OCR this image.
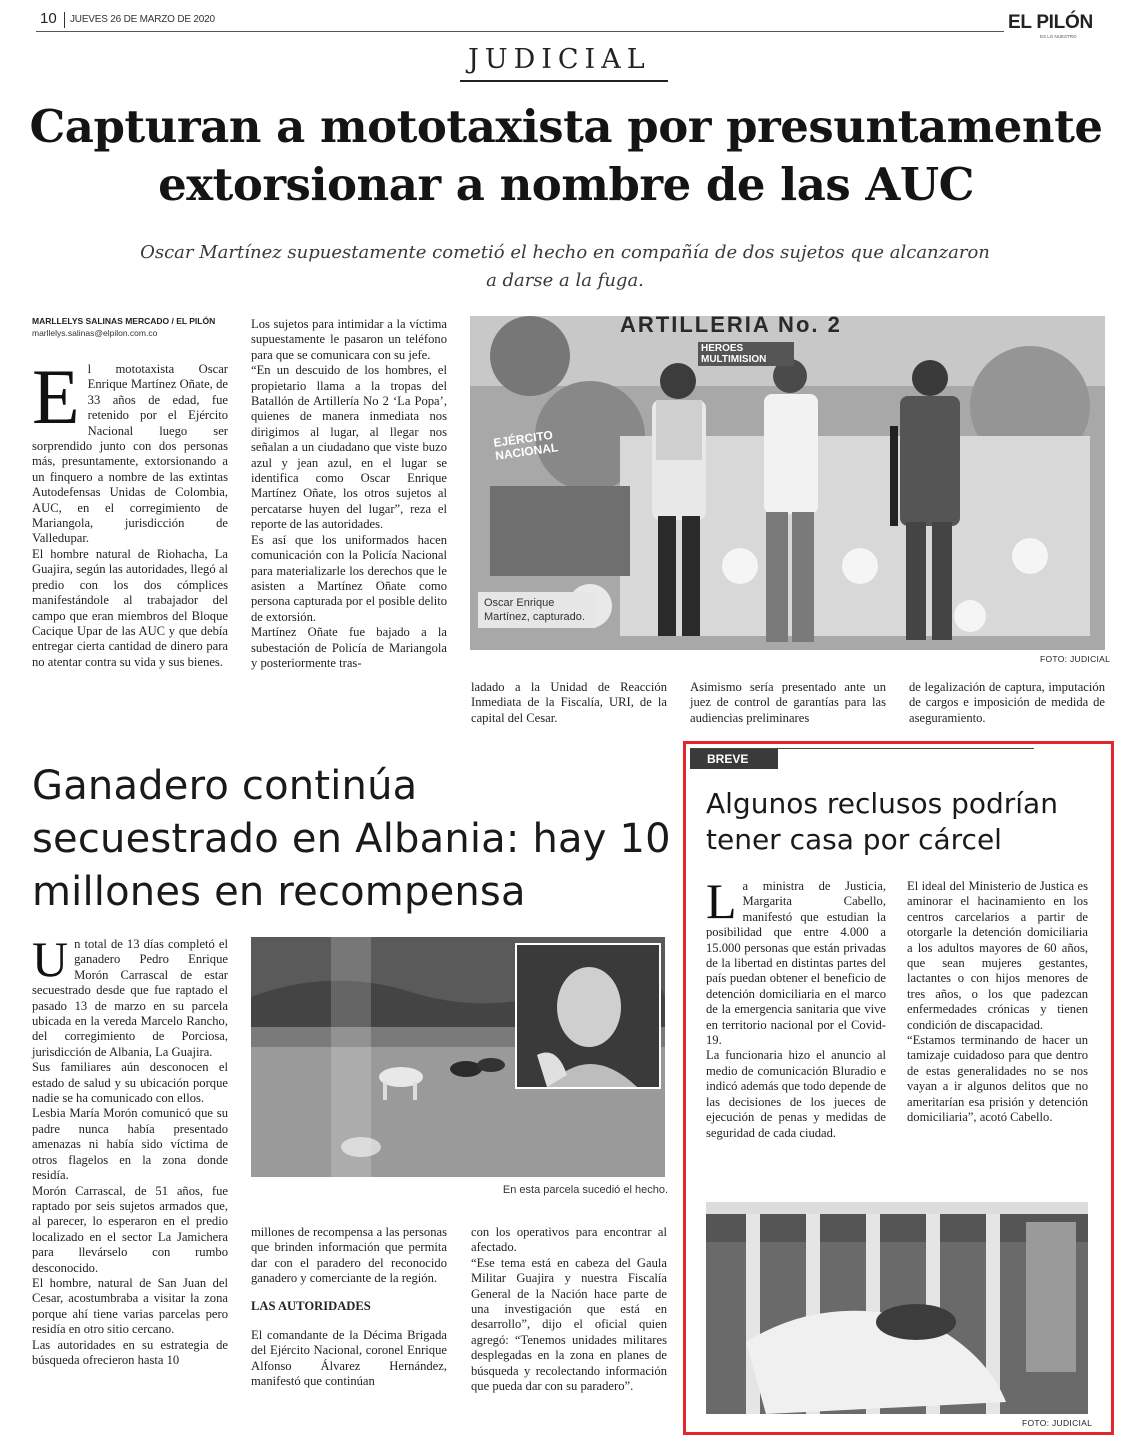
10 JUEVES 26 DE MARZO DE 2020	EL PILÓN
ES LO NUESTRO
JUDICIAL
Capturan a mototaxista por presuntamente extorsionar a nombre de las AUC
Oscar Martínez supuestamente cometió el hecho en compañía de dos sujetos que alcanzaron a darse a la fuga.
MARLLELYS SALINAS MERCADO / EL PILÓN
marllelys.salinas@elpilon.com.co
E l mototaxista Oscar Enrique Martínez Oñate, de 33 años de edad, fue retenido por el Ejército Nacional luego ser sorprendido junto con dos personas más, presuntamente, extorsionando a un finquero a nombre de las extintas Autodefensas Unidas de Colombia, AUC, en el corregimiento de Mariangola, jurisdicción de Valledupar.

El hombre natural de Riohacha, La Guajira, según las autoridades, llegó al predio con los dos cómplices manifestándole al trabajador del campo que eran miembros del Bloque Cacique Upar de las AUC y que debía entregar cierta cantidad de dinero para no atentar contra su vida y sus bienes.

Los sujetos para intimidar a la víctima supuestamente le pasaron un teléfono para que se comunicara con su jefe.

“En un descuido de los hombres, el propietario llama a la tropas del Batallón de Artillería No 2 ‘La Popa’, quienes de manera inmediata nos dirigimos al lugar, al llegar nos señalan a un ciudadano que viste buzo azul y jean azul, en el lugar se identifica como Oscar Enrique Martínez Oñate, los otros sujetos al percatarse huyen del lugar”, reza el reporte de las autoridades.

Es así que los uniformados hacen comunicación con la Policía Nacional para materializarle los derechos que le asisten a Martínez Oñate como persona capturada por el posible delito de extorsión.

Martínez Oñate fue bajado a la subestación de Policía de Mariangola y posteriormente tras-

ARTILLERIA No. 2
HEROES MULTIMISION
EJÉRCITO NACIONAL
Oscar Enrique Martínez, capturado.
FOTO: JUDICIAL
ladado a la Unidad de Reacción Inmediata de la Fiscalía, URI, de la capital del Cesar.
Asimismo sería presentado ante un juez de control de garantías para las audiencias preliminares
de legalización de captura, imputación de cargos e imposición de medida de aseguramiento.
Ganadero continúa secuestrado en Albania: hay 10 millones en recompensa
U n total de 13 días completó el ganadero Pedro Enrique Morón Carrascal de estar secuestrado desde que fue raptado el pasado 13 de marzo en su parcela ubicada en la vereda Marcelo Rancho, del corregimiento de Porciosa, jurisdicción de Albania, La Guajira.

Sus familiares aún desconocen el estado de salud y su ubicación porque nadie se ha comunicado con ellos.

Lesbia María Morón comunicó que su padre nunca había presentado amenazas ni había sido víctima de otros flagelos en la zona donde residía.

Morón Carrascal, de 51 años, fue raptado por seis sujetos armados que, al parecer, lo esperaron en el predio localizado en el sector La Jamichera para llevárselo con rumbo desconocido.

El hombre, natural de San Juan del Cesar, acostumbraba a visitar la zona porque ahí tiene varias parcelas pero residía en otro sitio cercano.

Las autoridades en su estrategia de búsqueda ofrecieron hasta 10

En esta parcela sucedió el hecho.

millones de recompensa a las personas que brinden información que permita dar con el paradero del reconocido ganadero y comerciante de la región.

LAS AUTORIDADES

El comandante de la Décima Brigada del Ejército Nacional, coronel Enrique Alfonso Álvarez Hernández, manifestó que continúan

con los operativos para encontrar al afectado.

“Ese tema está en cabeza del Gaula Militar Guajira y nuestra Fiscalía General de la Nación hace parte de una investigación que está en desarrollo”, dijo el oficial quien agregó: “Tenemos unidades militares desplegadas en la zona en planes de búsqueda y recolectando información que pueda dar con su paradero”.

BREVE
Algunos reclusos podrían tener casa por cárcel
L a ministra de Justicia, Margarita Cabello, manifestó que estudian la posibilidad que entre 4.000 a 15.000 personas que están privadas de la libertad en distintas partes del país puedan obtener el beneficio de detención domiciliaria en el marco de la emergencia sanitaria que vive en territorio nacional por el Covid-19.

La funcionaria hizo el anuncio al medio de comunicación Bluradio e indicó además que todo depende de las decisiones de los jueces de ejecución de penas y medidas de seguridad de cada ciudad.

El ideal del Ministerio de Justica es aminorar el hacinamiento en los centros carcelarios a partir de otorgarle la detención domiciliaria a los adultos mayores de 60 años, que sean mujeres gestantes, lactantes o con hijos menores de tres años, o los que padezcan enfermedades crónicas y tienen condición de discapacidad.

“Estamos terminando de hacer un tamizaje cuidadoso para que dentro de estas generalidades no se nos vayan a ir algunos delitos que no ameritarían esa prisión y detención domiciliaria”, acotó Cabello.

FOTO: JUDICIAL
